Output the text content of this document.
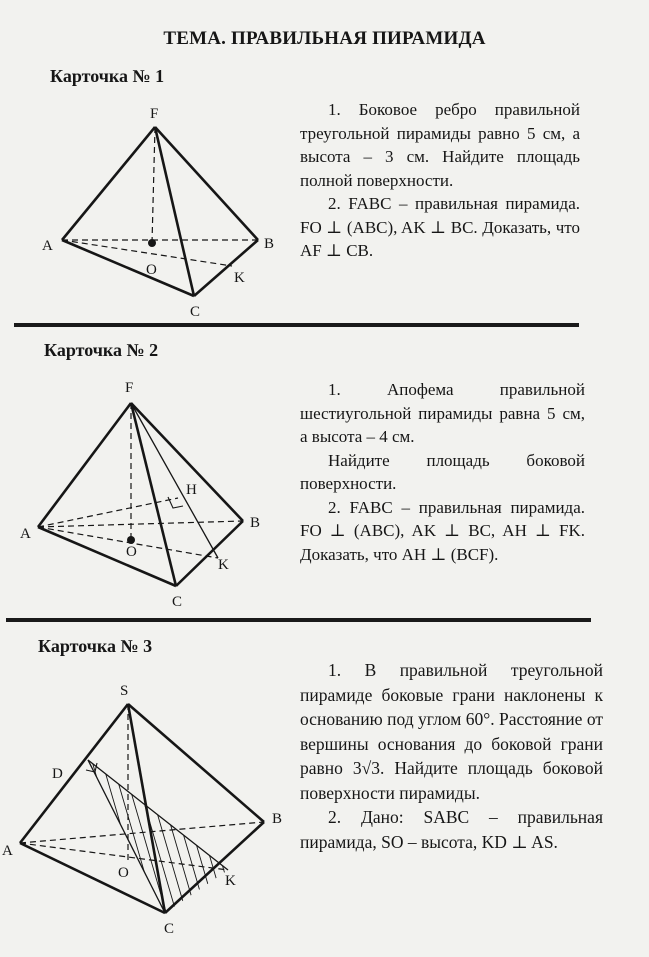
ТЕМА. ПРАВИЛЬНАЯ ПИРАМИДА
Карточка № 1
F
A	B
C
O	K

1. Боковое ребро правильной треугольной пирамиды равно 5 см, а высота – 3 см. Найдите площадь полной поверхности.

2. FABC – правильная пирамида. FO ⊥ (ABC), AK ⊥ BC. Доказать, что AF ⊥ CB.

Карточка № 2
F
A
B
C
O
K
H

1. Апофема правильной шестиугольной пирамиды равна 5 см, а высота – 4 см.

Найдите площадь боковой поверхности.

2. FABC – правильная пирамида. FO ⊥ (ABC), AK ⊥ BC, AH ⊥ FK. Доказать, что AH ⊥ (BCF).

Карточка № 3
S
D
A
B
C
O	K

1. В правильной треугольной пирамиде боковые грани наклонены к основанию под углом 60°. Расстояние от вершины основания до боковой грани равно 3√3. Найдите площадь боковой поверхности пирамиды.

2. Дано: SABC – правильная пирамида, SO – высота, KD ⊥ AS.
